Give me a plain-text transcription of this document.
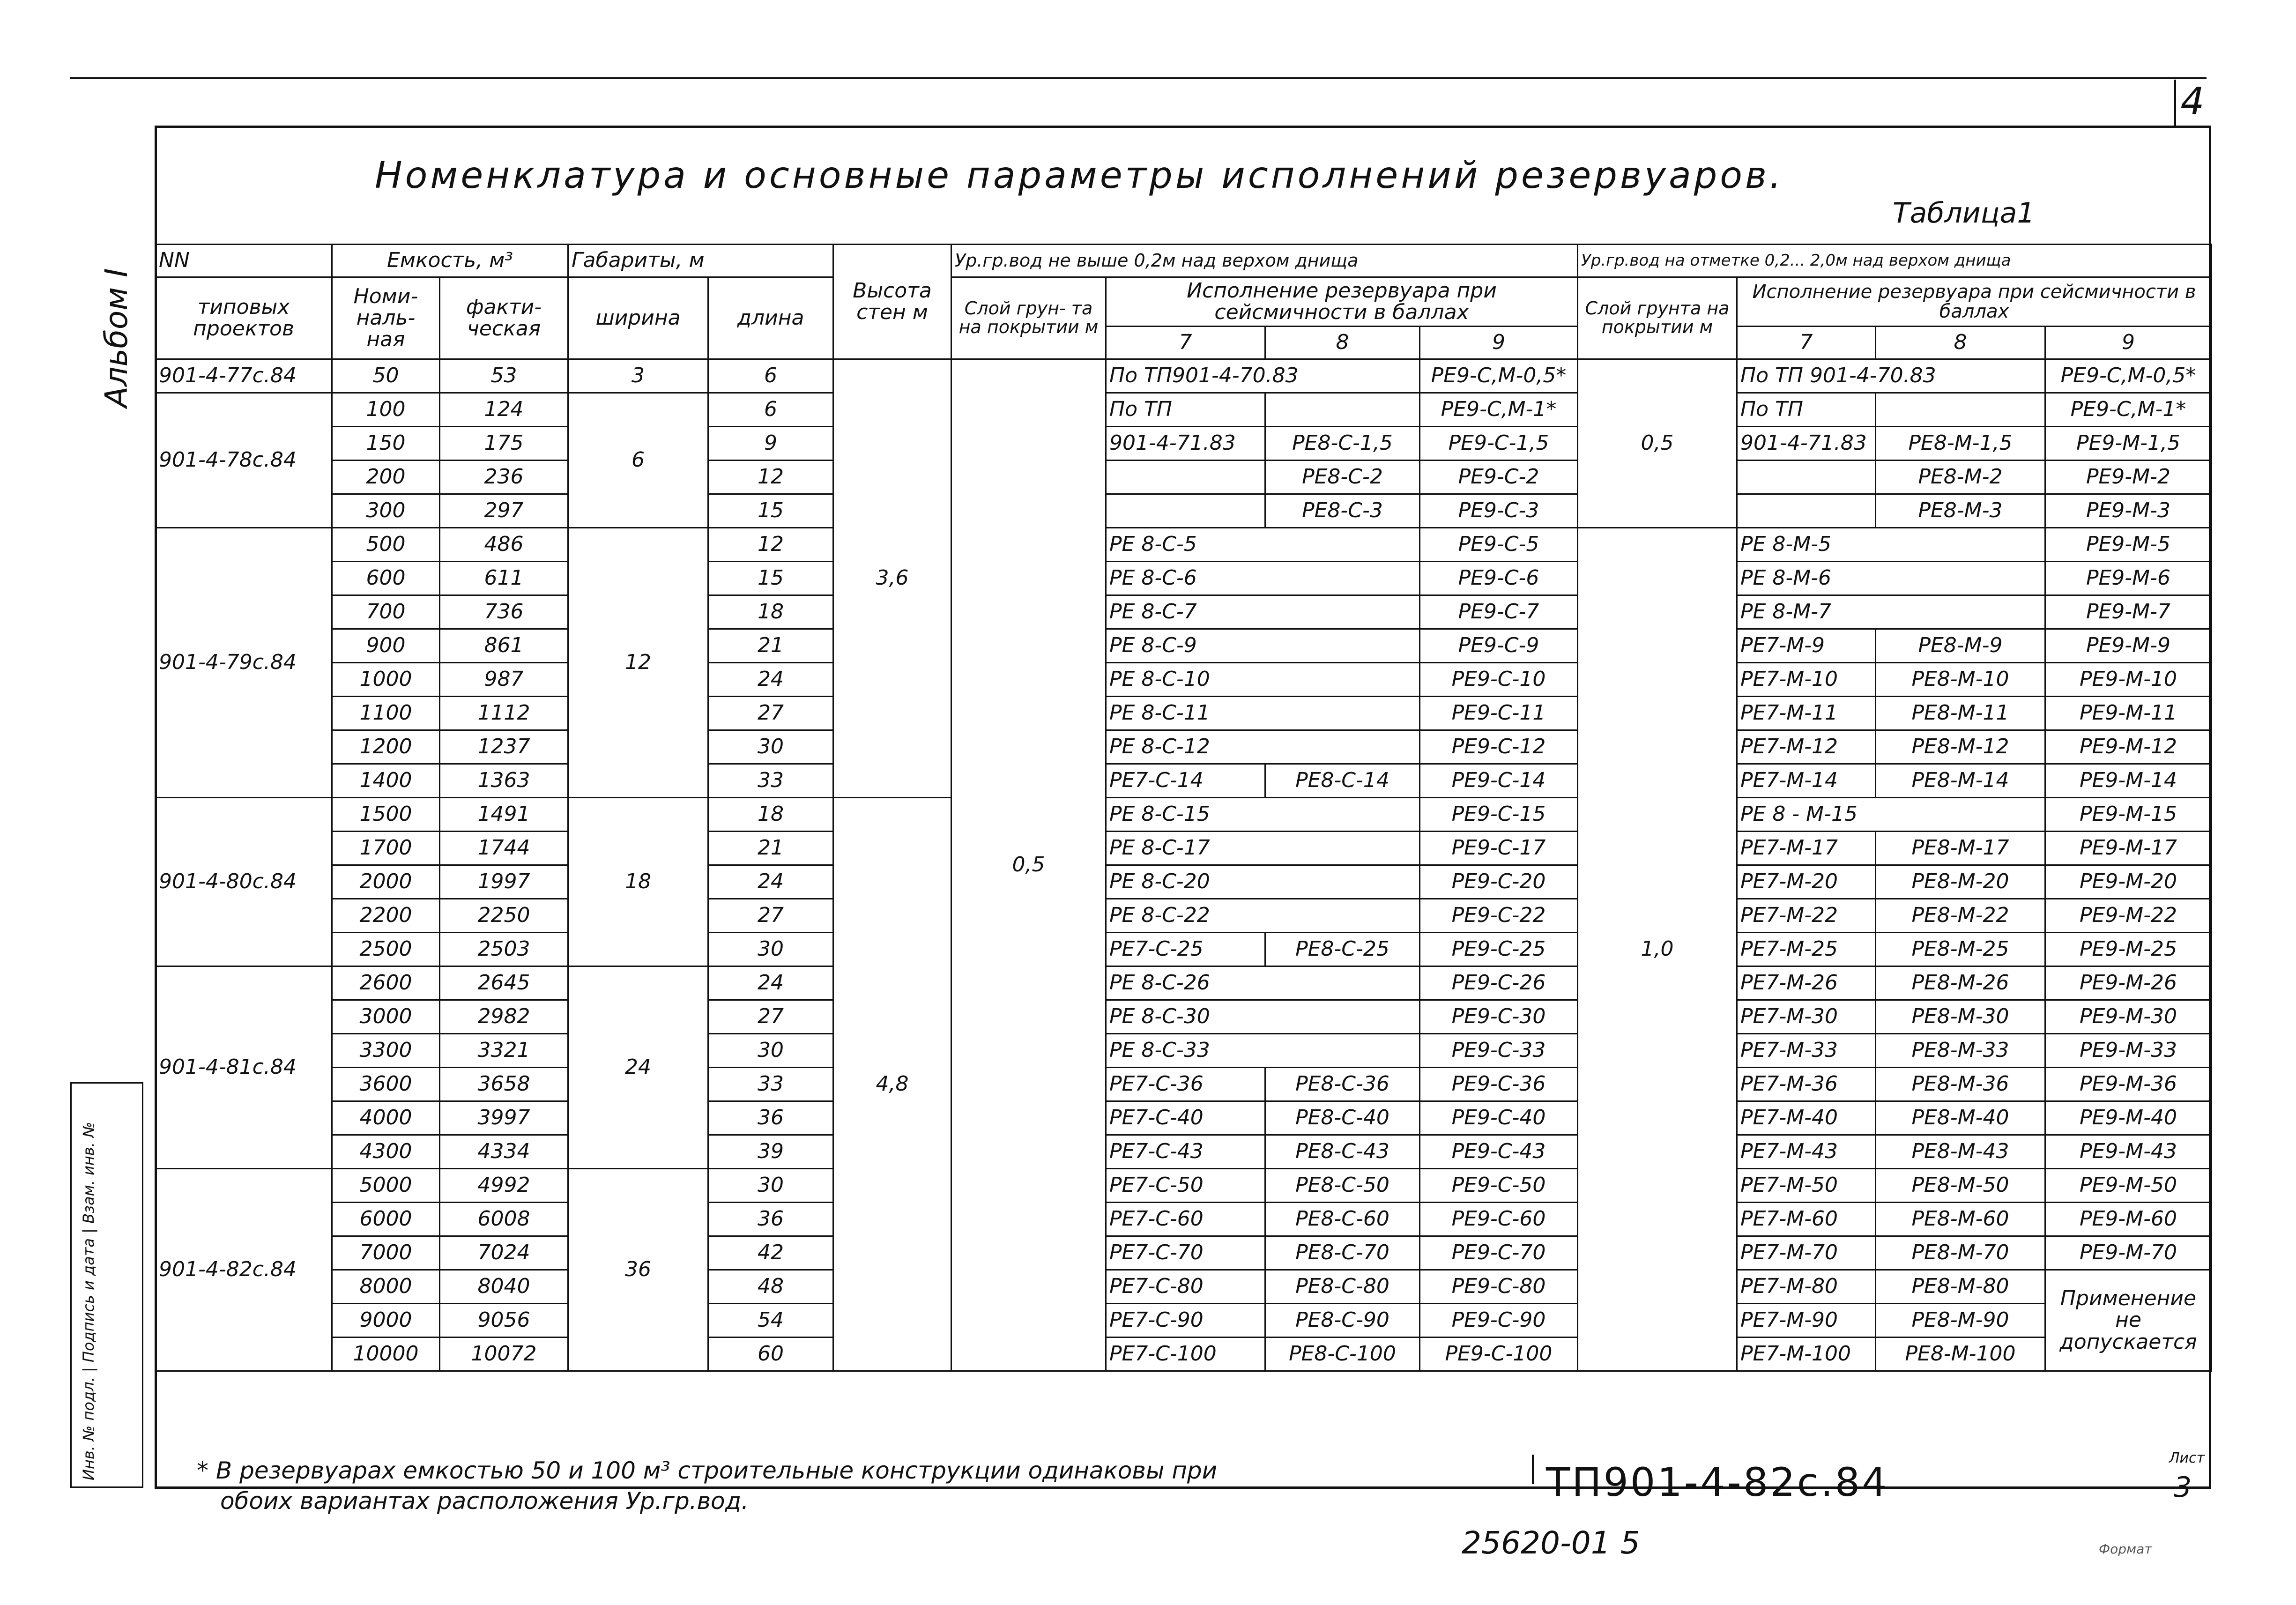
4
Альбом I
Номенклатура и основные параметры исполнений резервуаров.
Таблица1
NN	Емкость, м³		Габариты, м		Высота стен м	Ур.гр.вод не выше 0,2м над верхом днища				Ур.гр.вод на отметке 0,2... 2,0м над верхом днища			
типовых проектов	Номи- наль- ная	факти- ческая	ширина	длина		Слой грун- та на покрытии м	Исполнение резервуара при сейсмичности в баллах			Слой грунта на покрытии м	Исполнение резервуара при сейсмичности в баллах		
							7	8	9		7	8	9
901-4-77с.84	50	53	3	6	3,6	0,5	По ТП901-4-70.83		РЕ9-С,М-0,5*	0,5	По ТП 901-4-70.83		РЕ9-С,М-0,5*
901-4-78с.84	100	124	6	6			По ТП		РЕ9-С,М-1*		По ТП		РЕ9-С,М-1*
	150	175		9			901-4-71.83	РЕ8-С-1,5	РЕ9-С-1,5		901-4-71.83	РЕ8-М-1,5	РЕ9-М-1,5
	200	236		12				РЕ8-С-2	РЕ9-С-2			РЕ8-М-2	РЕ9-М-2
	300	297		15				РЕ8-С-3	РЕ9-С-3			РЕ8-М-3	РЕ9-М-3
901-4-79с.84	500	486	12	12			РЕ 8-С-5		РЕ9-С-5	1,0	РЕ 8-М-5		РЕ9-М-5
	600	611		15			РЕ 8-С-6		РЕ9-С-6		РЕ 8-М-6		РЕ9-М-6
	700	736		18			РЕ 8-С-7		РЕ9-С-7		РЕ 8-М-7		РЕ9-М-7
	900	861		21			РЕ 8-С-9		РЕ9-С-9		РЕ7-М-9	РЕ8-М-9	РЕ9-М-9
	1000	987		24			РЕ 8-С-10		РЕ9-С-10		РЕ7-М-10	РЕ8-М-10	РЕ9-М-10
	1100	1112		27			РЕ 8-С-11		РЕ9-С-11		РЕ7-М-11	РЕ8-М-11	РЕ9-М-11
	1200	1237		30			РЕ 8-С-12		РЕ9-С-12		РЕ7-М-12	РЕ8-М-12	РЕ9-М-12
	1400	1363		33			РЕ7-С-14	РЕ8-С-14	РЕ9-С-14		РЕ7-М-14	РЕ8-М-14	РЕ9-М-14
901-4-80с.84	1500	1491	18	18	4,8		РЕ 8-С-15		РЕ9-С-15		РЕ 8 - М-15		РЕ9-М-15
	1700	1744		21			РЕ 8-С-17		РЕ9-С-17		РЕ7-М-17	РЕ8-М-17	РЕ9-М-17
	2000	1997		24			РЕ 8-С-20		РЕ9-С-20		РЕ7-М-20	РЕ8-М-20	РЕ9-М-20
	2200	2250		27			РЕ 8-С-22		РЕ9-С-22		РЕ7-М-22	РЕ8-М-22	РЕ9-М-22
	2500	2503		30			РЕ7-С-25	РЕ8-С-25	РЕ9-С-25		РЕ7-М-25	РЕ8-М-25	РЕ9-М-25
901-4-81с.84	2600	2645	24	24			РЕ 8-С-26		РЕ9-С-26		РЕ7-М-26	РЕ8-М-26	РЕ9-М-26
	3000	2982		27			РЕ 8-С-30		РЕ9-С-30		РЕ7-М-30	РЕ8-М-30	РЕ9-М-30
	3300	3321		30			РЕ 8-С-33		РЕ9-С-33		РЕ7-М-33	РЕ8-М-33	РЕ9-М-33
	3600	3658		33			РЕ7-С-36	РЕ8-С-36	РЕ9-С-36		РЕ7-М-36	РЕ8-М-36	РЕ9-М-36
	4000	3997		36			РЕ7-С-40	РЕ8-С-40	РЕ9-С-40		РЕ7-М-40	РЕ8-М-40	РЕ9-М-40
	4300	4334		39			РЕ7-С-43	РЕ8-С-43	РЕ9-С-43		РЕ7-М-43	РЕ8-М-43	РЕ9-М-43
901-4-82с.84	5000	4992	36	30			РЕ7-С-50	РЕ8-С-50	РЕ9-С-50		РЕ7-М-50	РЕ8-М-50	РЕ9-М-50
	6000	6008		36			РЕ7-С-60	РЕ8-С-60	РЕ9-С-60		РЕ7-М-60	РЕ8-М-60	РЕ9-М-60
	7000	7024		42			РЕ7-С-70	РЕ8-С-70	РЕ9-С-70		РЕ7-М-70	РЕ8-М-70	РЕ9-М-70
	8000	8040		48			РЕ7-С-80	РЕ8-С-80	РЕ9-С-80		РЕ7-М-80	РЕ8-М-80	Применение не допускается
	9000	9056		54			РЕ7-С-90	РЕ8-С-90	РЕ9-С-90		РЕ7-М-90	РЕ8-М-90	
	10000	10072		60			РЕ7-С-100	РЕ8-С-100	РЕ9-С-100		РЕ7-М-100	РЕ8-М-100	
* В резервуарах емкостью 50 и 100 м³ строительные конструкции одинаковы при
обоих вариантах расположения Ур.гр.вод.	ТП901-4-82с.84
Лист
3
25620-01 5	Формат
Инв. № подл. | Подпись и дата | Взам. инв. №
